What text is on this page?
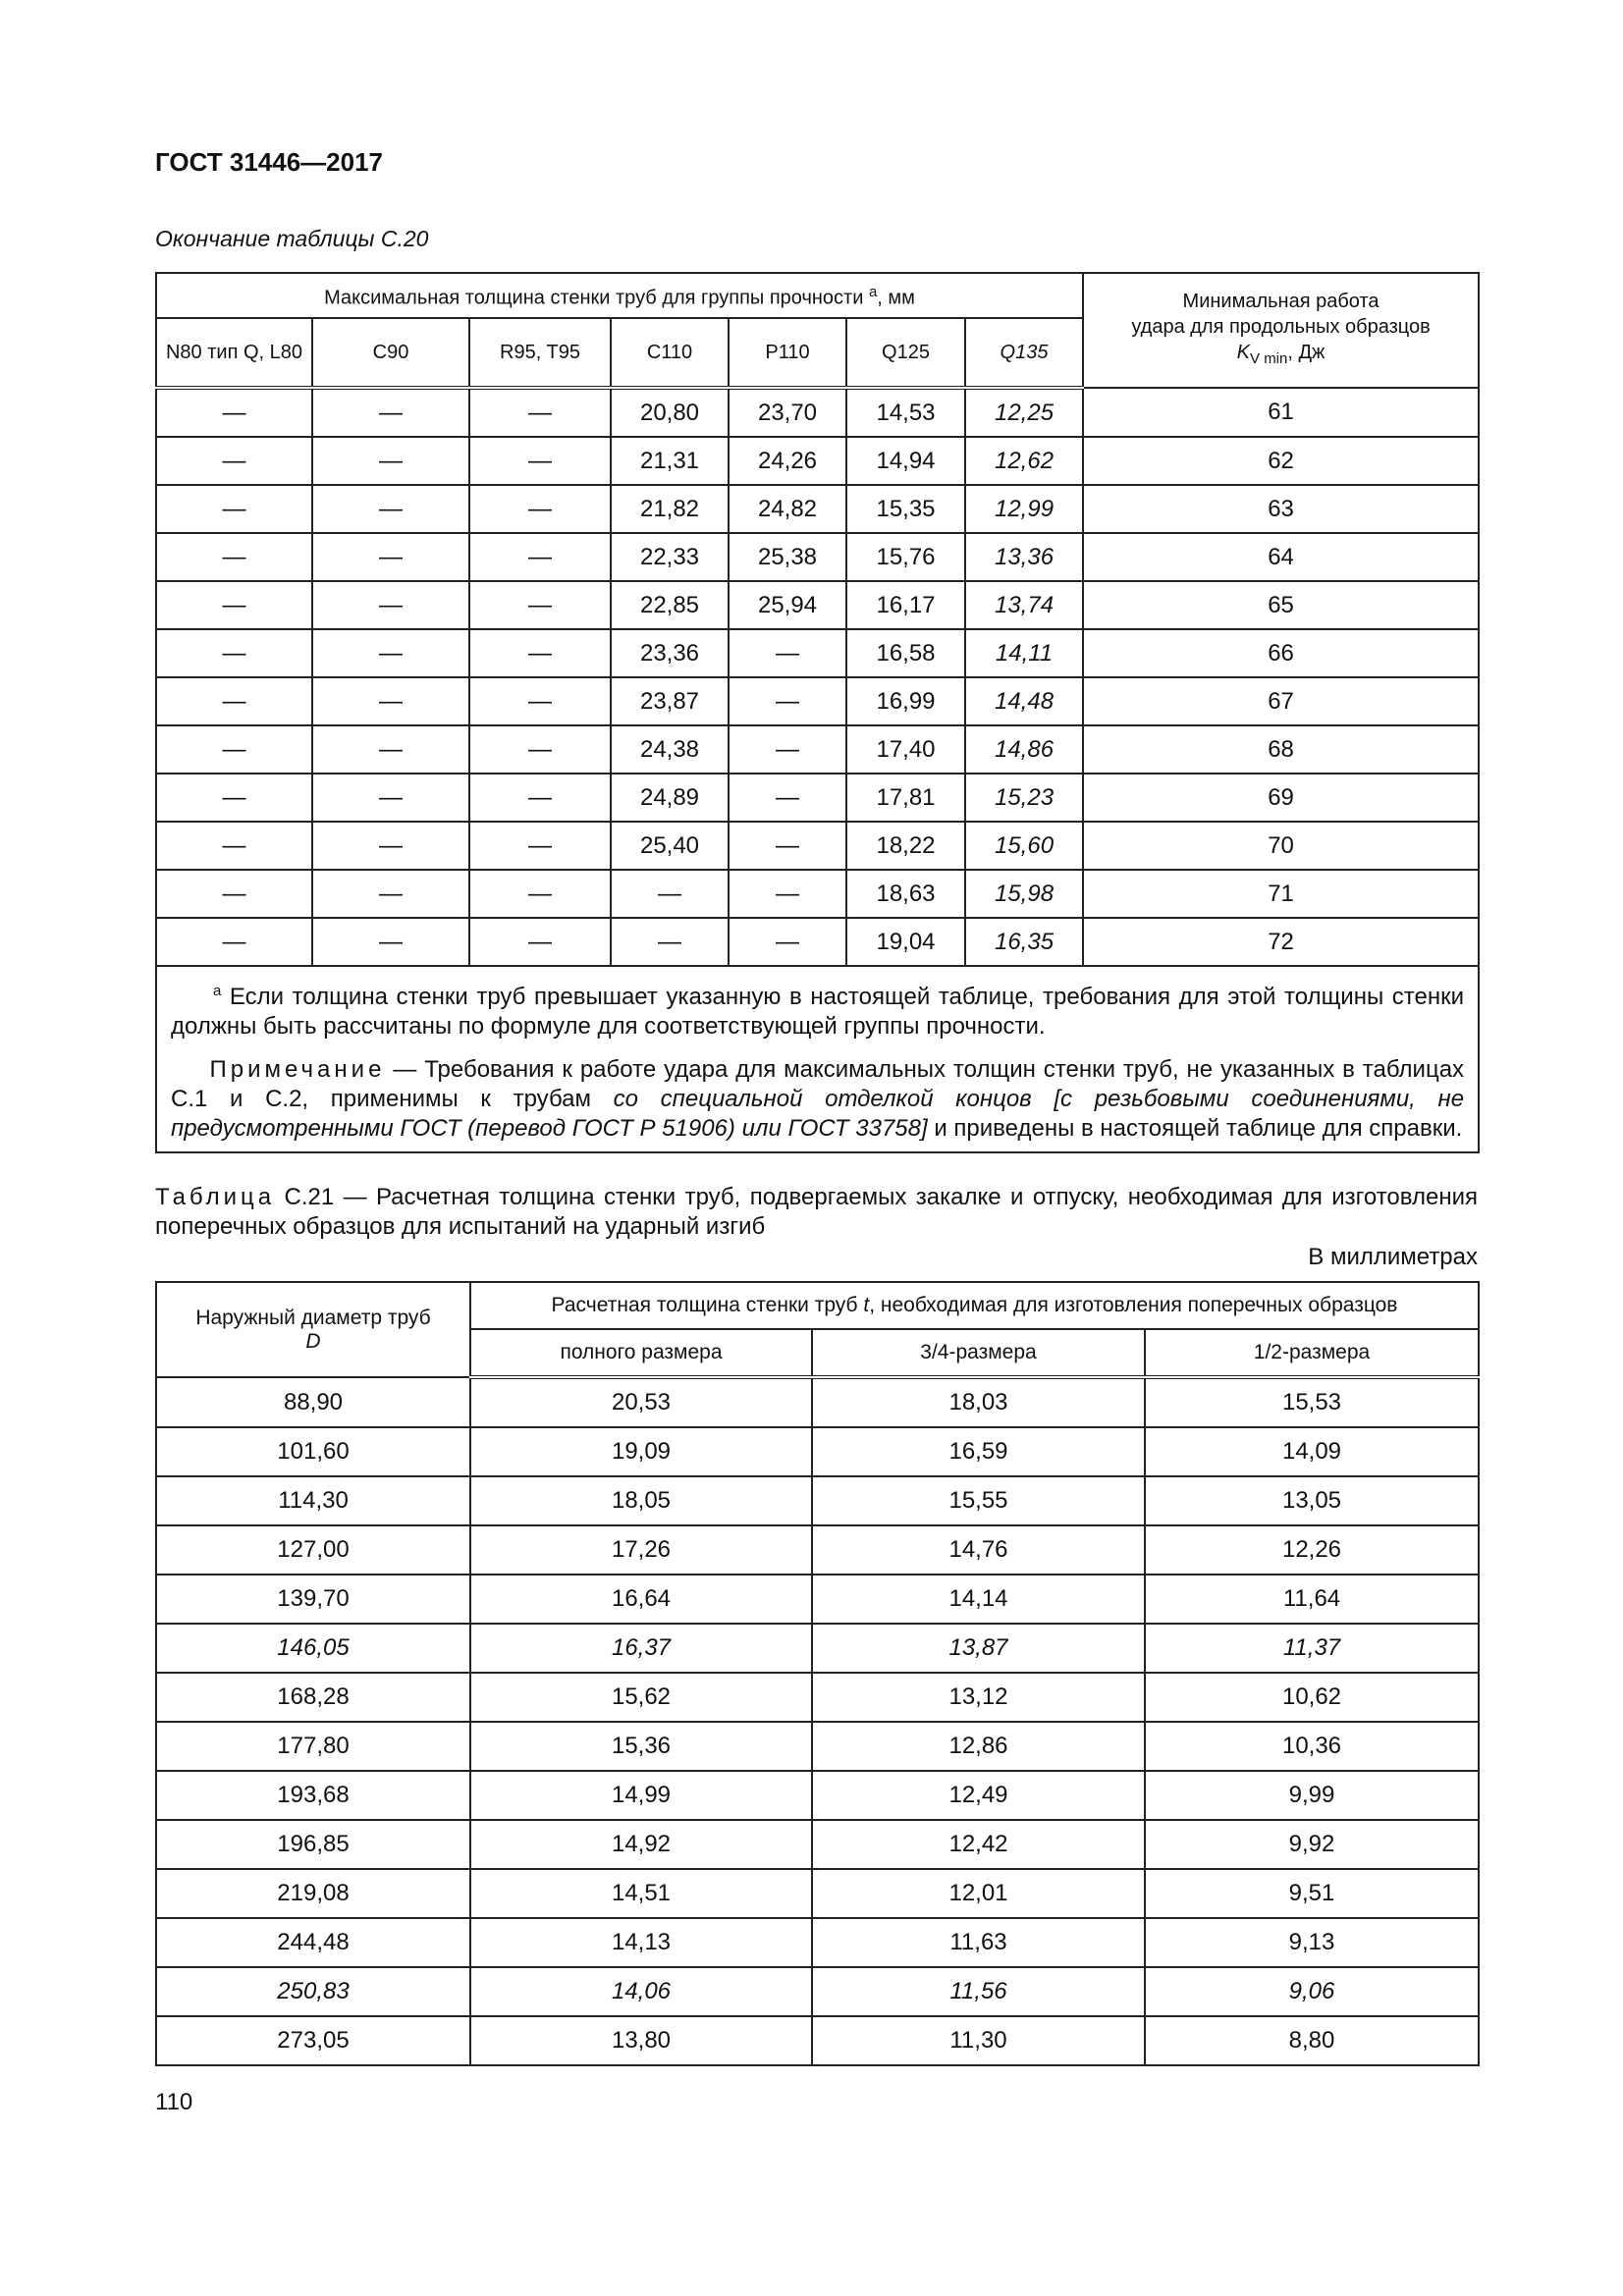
ГОСТ 31446—2017
Окончание таблицы С.20
Максимальная толщина стенки труб для группы прочности $^а$, мм							Минимальная работа
удара для продольных образцов
$K_{V min}$, Дж

N80 тип Q, L80	C90	R95, T95	C110	P110	Q125	Q135	
—	—	—	20,80	23,70	14,53	12,25	61
—	—	—	21,31	24,26	14,94	12,62	62
—	—	—	21,82	24,82	15,35	12,99	63
—	—	—	22,33	25,38	15,76	13,36	64
—	—	—	22,85	25,94	16,17	13,74	65
—	—	—	23,36	—	16,58	14,11	66
—	—	—	23,87	—	16,99	14,48	67
—	—	—	24,38	—	17,40	14,86	68
—	—	—	24,89	—	17,81	15,23	69
—	—	—	25,40	—	18,22	15,60	70
—	—	—	—	—	18,63	15,98	71
—	—	—	—	—	19,04	16,35	72

$^а$ Если толщина стенки труб превышает указанную в настоящей таблице, требования для этой толщины стенки должны быть рассчитаны по формуле для соответствующей группы прочности.

Примечание — Требования к работе удара для максимальных толщин стенки труб, не указанных в таблицах С.1 и С.2, применимы к трубам со специальной отделкой концов [с резьбовыми соединениями, не предусмотренными ГОСТ (перевод ГОСТ Р 51906) или ГОСТ 33758] и приведены в настоящей таблице для справки.							

Таблица С.21 — Расчетная толщина стенки труб, подвергаемых закалке и отпуску, необходимая для изготовления поперечных образцов для испытаний на ударный изгиб
В миллиметрах
Наружный диаметр труб
D	Расчетная толщина стенки труб t, необходимая для изготовления поперечных образцов		
	полного размера	3/4-размера	1/2-размера
88,90	20,53	18,03	15,53
101,60	19,09	16,59	14,09
114,30	18,05	15,55	13,05
127,00	17,26	14,76	12,26
139,70	16,64	14,14	11,64
146,05	16,37	13,87	11,37
168,28	15,62	13,12	10,62
177,80	15,36	12,86	10,36
193,68	14,99	12,49	9,99
196,85	14,92	12,42	9,92
219,08	14,51	12,01	9,51
244,48	14,13	11,63	9,13
250,83	14,06	11,56	9,06
273,05	13,80	11,30	8,80
110
